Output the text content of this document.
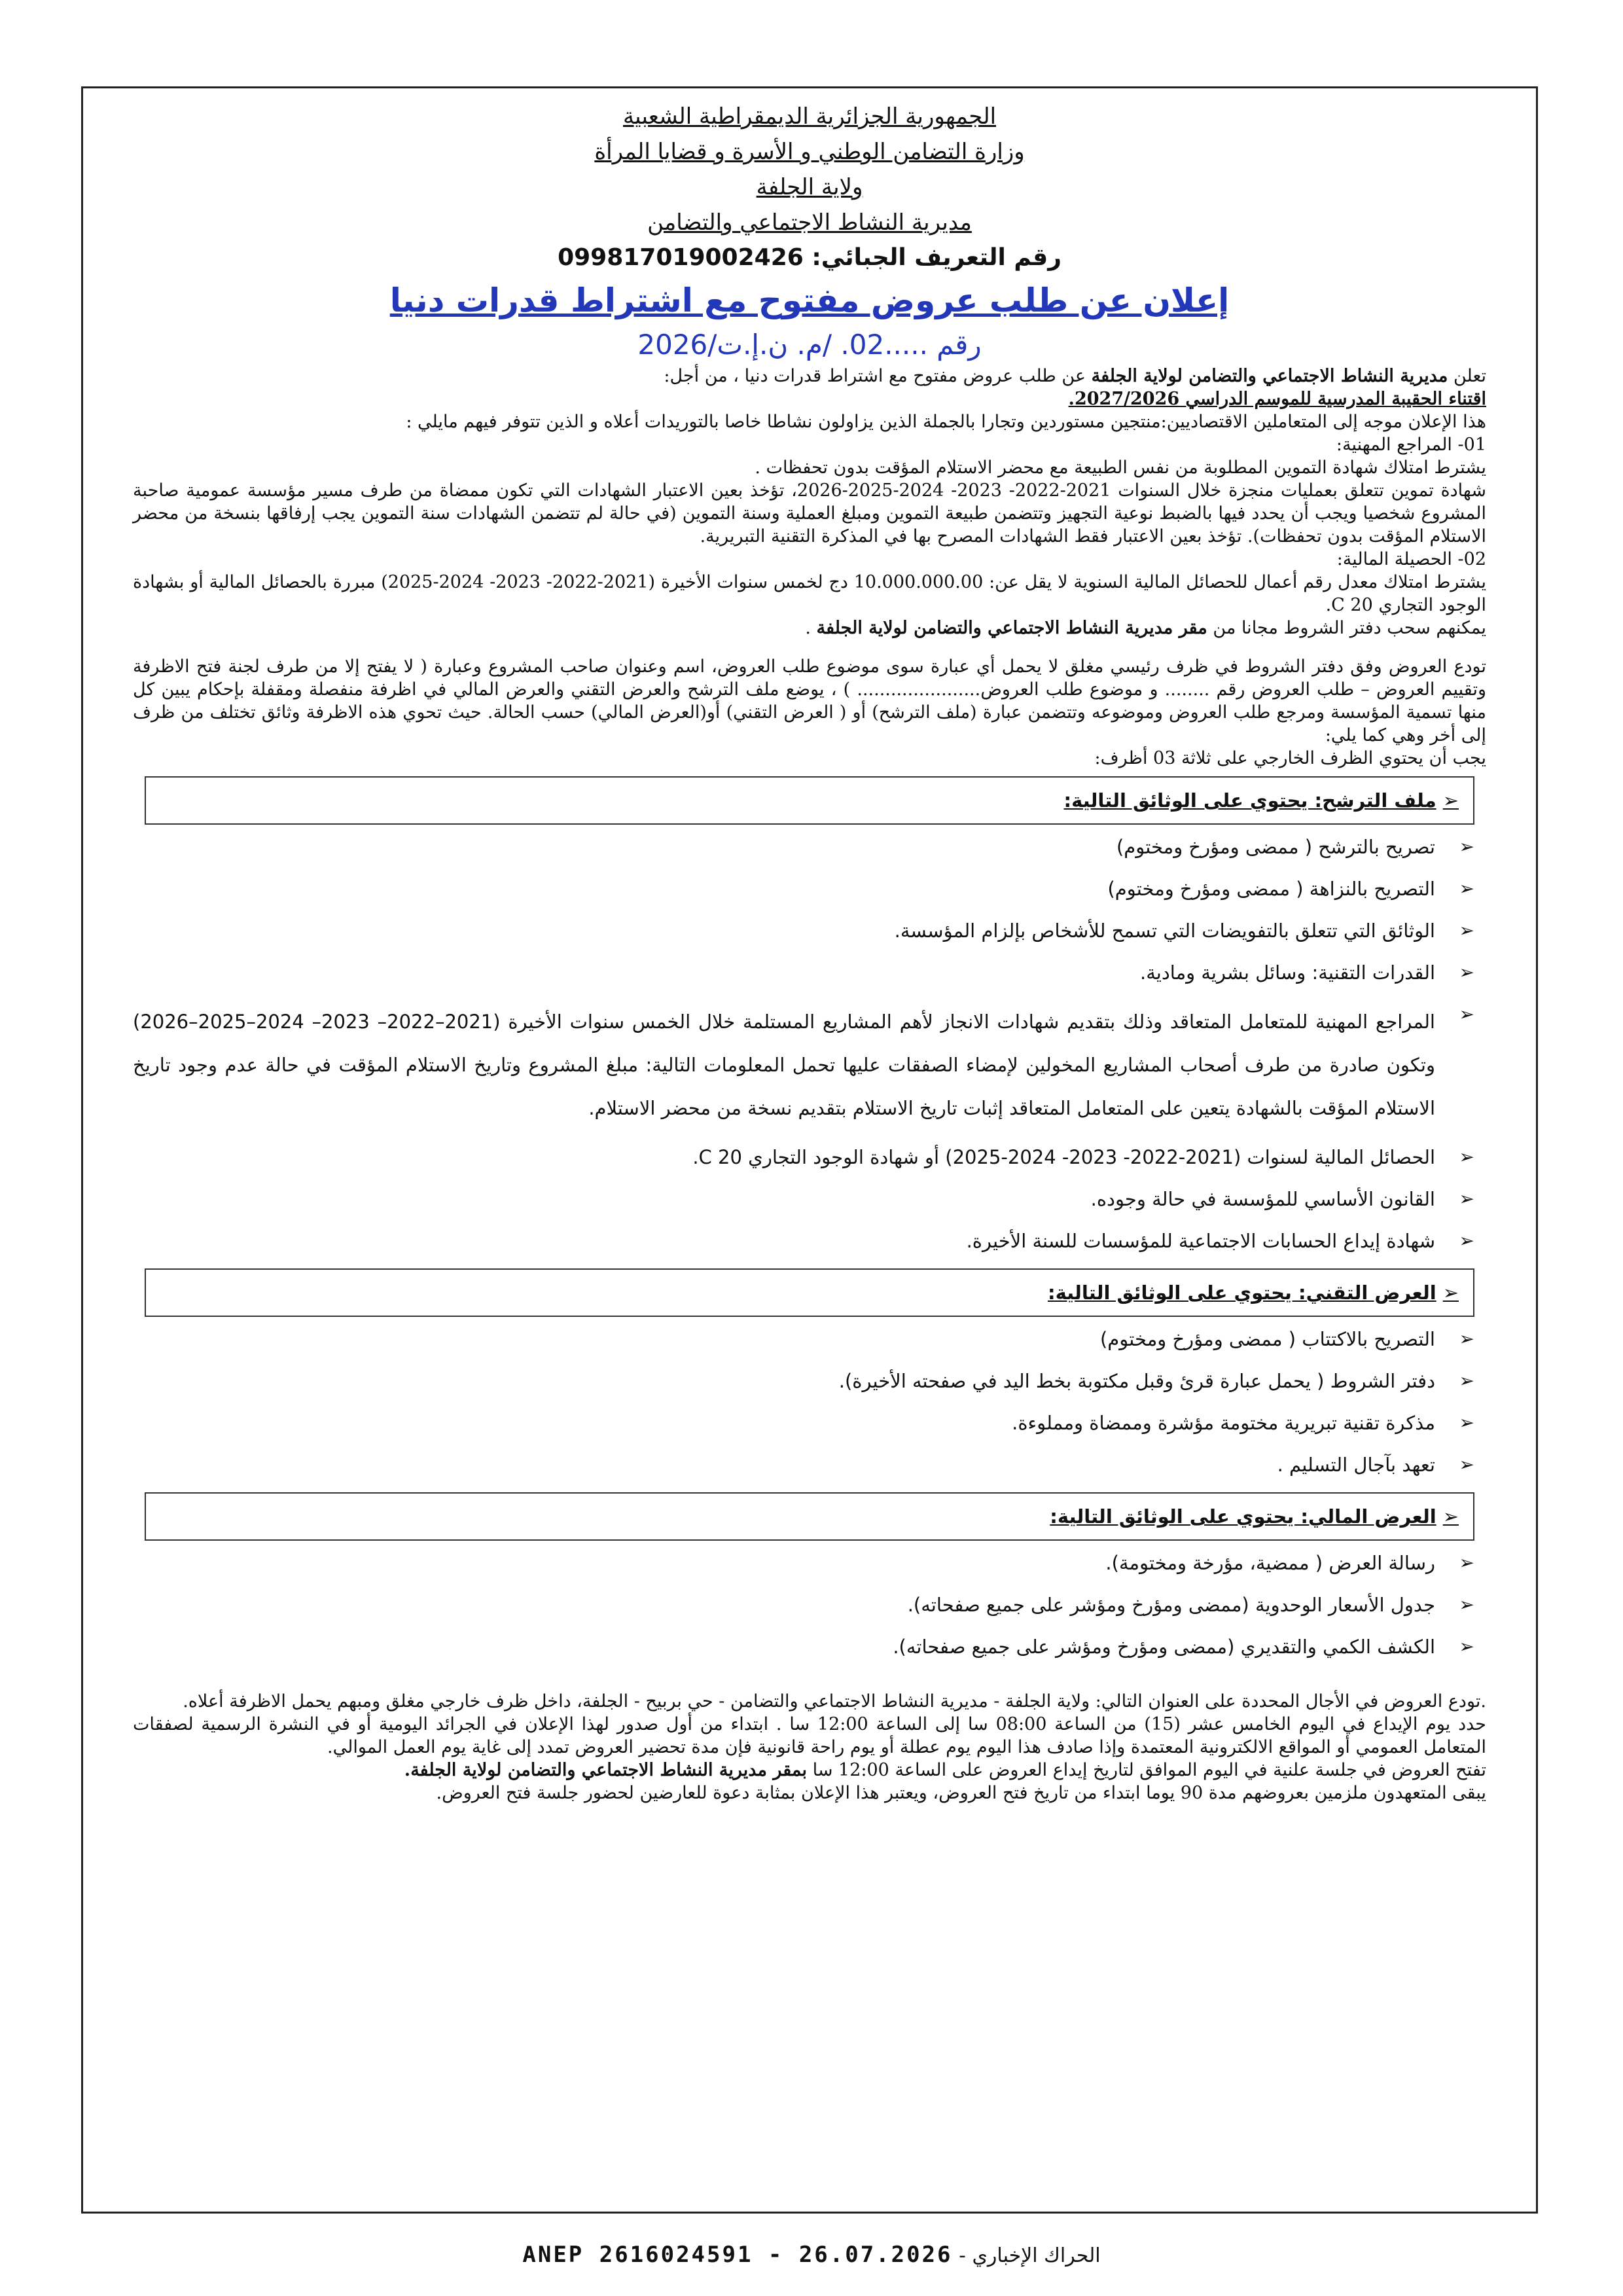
الجمهورية الجزائرية الديمقراطية الشعبية
وزارة التضامن الوطني و الأسرة و قضايا المرأة
ولاية الجلفة
مديرية النشاط الاجتماعي والتضامن
رقم التعريف الجبائي: 099817019002426
إعلان عن طلب عروض مفتوح مع اشتراط قدرات دنيا
رقم .....02. /م. ن.إ.ت/2026
تعلن مديرية النشاط الاجتماعي والتضامن لولاية الجلفة عن طلب عروض مفتوح مع اشتراط قدرات دنيا ، من أجل:
اقتناء الحقيبة المدرسية للموسم الدراسي 2027/2026.
هذا الإعلان موجه إلى المتعاملين الاقتصاديين:منتجين مستوردين وتجارا بالجملة الذين يزاولون نشاطا خاصا بالتوريدات أعلاه و الذين تتوفر فيهم مايلي :
01- المراجع المهنية:
يشترط امتلاك شهادة التموين المطلوبة من نفس الطبيعة مع محضر الاستلام المؤقت بدون تحفظات .
شهادة تموين تتعلق بعمليات منجزة خلال السنوات 2021-2022- 2023- 2024-2025-2026، تؤخذ بعين الاعتبار الشهادات التي تكون ممضاة من طرف مسير مؤسسة عمومية صاحبة المشروع شخصيا ويجب أن يحدد فيها بالضبط نوعية التجهيز وتتضمن طبيعة التموين ومبلغ العملية وسنة التموين (في حالة لم تتضمن الشهادات سنة التموين يجب إرفاقها بنسخة من محضر الاستلام المؤقت بدون تحفظات). تؤخذ بعين الاعتبار فقط الشهادات المصرح بها في المذكرة التقنية التبريرية.
02- الحصيلة المالية:
يشترط امتلاك معدل رقم أعمال للحصائل المالية السنوية لا يقل عن: 10.000.000.00 دج لخمس سنوات الأخيرة (2021-2022- 2023- 2024-2025) مبررة بالحصائل المالية أو بشهادة الوجود التجاري C 20.
يمكنهم سحب دفتر الشروط مجانا من مقر مديرية النشاط الاجتماعي والتضامن لولاية الجلفة .
تودع العروض وفق دفتر الشروط في ظرف رئيسي مغلق لا يحمل أي عبارة سوى موضوع طلب العروض، اسم وعنوان صاحب المشروع وعبارة ( لا يفتح إلا من طرف لجنة فتح الاظرفة وتقييم العروض – طلب العروض رقم ........ و موضوع طلب العروض...................... ) ، يوضع ملف الترشح والعرض التقني والعرض المالي في اظرفة منفصلة ومقفلة بإحكام يبين كل منها تسمية المؤسسة ومرجع طلب العروض وموضوعه وتتضمن عبارة (ملف الترشح) أو ( العرض التقني) أو(العرض المالي) حسب الحالة. حيث تحوي هذه الاظرفة وثائق تختلف من ظرف إلى أخر وهي كما يلي:
يجب أن يحتوي الظرف الخارجي على ثلاثة 03 أظرف:
➢
ملف الترشح: يحتوي على الوثائق التالية:
➢
تصريح بالترشح ( ممضى ومؤرخ ومختوم)
➢
التصريح بالنزاهة ( ممضى ومؤرخ ومختوم)
➢
الوثائق التي تتعلق بالتفويضات التي تسمح للأشخاص بإلزام المؤسسة.
➢
القدرات التقنية: وسائل بشرية ومادية.
➢
المراجع المهنية للمتعامل المتعاقد وذلك بتقديم شهادات الانجاز لأهم المشاريع المستلمة خلال الخمس سنوات الأخيرة (2021–2022– 2023– 2024–2025–2026) وتكون صادرة من طرف أصحاب المشاريع المخولين لإمضاء الصفقات عليها تحمل المعلومات التالية: مبلغ المشروع وتاريخ الاستلام المؤقت في حالة عدم وجود تاريخ الاستلام المؤقت بالشهادة يتعين على المتعامل المتعاقد إثبات تاريخ الاستلام بتقديم نسخة من محضر الاستلام.
➢
الحصائل المالية لسنوات (2021-2022- 2023- 2024-2025) أو شهادة الوجود التجاري C 20.
➢
القانون الأساسي للمؤسسة في حالة وجوده.
➢
شهادة إيداع الحسابات الاجتماعية للمؤسسات للسنة الأخيرة.
➢
العرض التقني: يحتوي على الوثائق التالية:
➢
التصريح بالاكتتاب ( ممضى ومؤرخ ومختوم)
➢
دفتر الشروط ( يحمل عبارة قرئ وقبل مكتوبة بخط اليد في صفحته الأخيرة).
➢
مذكرة تقنية تبريرية مختومة مؤشرة وممضاة ومملوءة.
➢
تعهد بآجال التسليم .
➢
العرض المالي: يحتوي على الوثائق التالية:
➢
رسالة العرض ( ممضية، مؤرخة ومختومة).
➢
جدول الأسعار الوحدوية (ممضى ومؤرخ ومؤشر على جميع صفحاته).
➢
الكشف الكمي والتقديري (ممضى ومؤرخ ومؤشر على جميع صفحاته).
.تودع العروض في الأجال المحددة على العنوان التالي: ولاية الجلفة - مديرية النشاط الاجتماعي والتضامن - حي بربيح - الجلفة، داخل ظرف خارجي مغلق ومبهم يحمل الاظرفة أعلاه.
حدد يوم الإيداع في اليوم الخامس عشر (15) من الساعة 08:00 سا إلى الساعة 12:00 سا . ابتداء من أول صدور لهذا الإعلان في الجرائد اليومية أو في النشرة الرسمية لصفقات المتعامل العمومي أو المواقع الالكترونية المعتمدة وإذا صادف هذا اليوم يوم عطلة أو يوم راحة قانونية فإن مدة تحضير العروض تمدد إلى غاية يوم العمل الموالي.
تفتح العروض في جلسة علنية في اليوم الموافق لتاريخ إيداع العروض على الساعة 12:00 سا بمقر مديرية النشاط الاجتماعي والتضامن لولاية الجلفة.
يبقى المتعهدون ملزمين بعروضهم مدة 90 يوما ابتداء من تاريخ فتح العروض، ويعتبر هذا الإعلان بمثابة دعوة للعارضين لحضور جلسة فتح العروض.
الحراك الإخباري - ANEP 2616024591 - 26.07.2026
